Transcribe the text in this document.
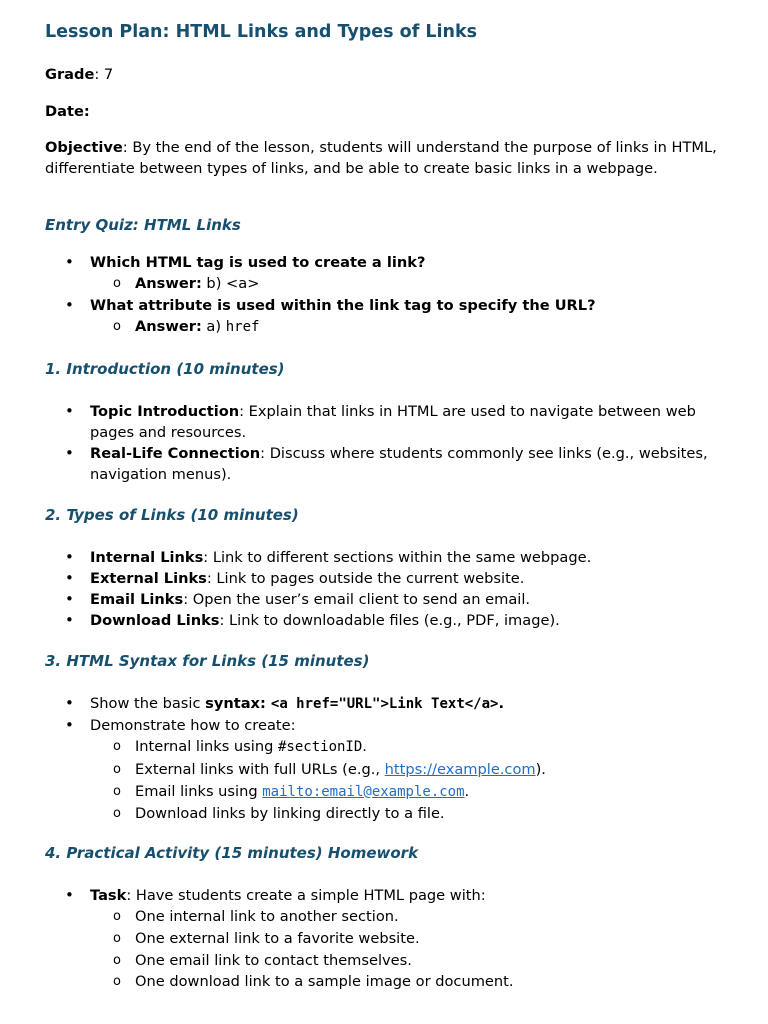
Lesson Plan: HTML Links and Types of Links

Grade: 7

Date:

Objective: By the end of the lesson, students will understand the purpose of links in HTML, differentiate between types of links, and be able to create basic links in a webpage.

Entry Quiz: HTML Links
• Which HTML tag is used to create a link?
o Answer: b) <a>
• What attribute is used within the link tag to specify the URL?
o Answer: a) href
1. Introduction (10 minutes)
• Topic Introduction: Explain that links in HTML are used to navigate between web pages and resources.
• Real-Life Connection: Discuss where students commonly see links (e.g., websites, navigation menus).
2. Types of Links (10 minutes)
• Internal Links: Link to different sections within the same webpage.
• External Links: Link to pages outside the current website.
• Email Links: Open the user’s email client to send an email.
• Download Links: Link to downloadable files (e.g., PDF, image).
3. HTML Syntax for Links (15 minutes)
• Show the basic syntax: <a href="URL">Link Text</a>.
• Demonstrate how to create:
o Internal links using #sectionID.
o External links with full URLs (e.g., https://example.com).
o Email links using mailto:email@example.com.
o Download links by linking directly to a file.
4. Practical Activity (15 minutes) Homework
• Task: Have students create a simple HTML page with:
o One internal link to another section.
o One external link to a favorite website.
o One email link to contact themselves.
o One download link to a sample image or document.
